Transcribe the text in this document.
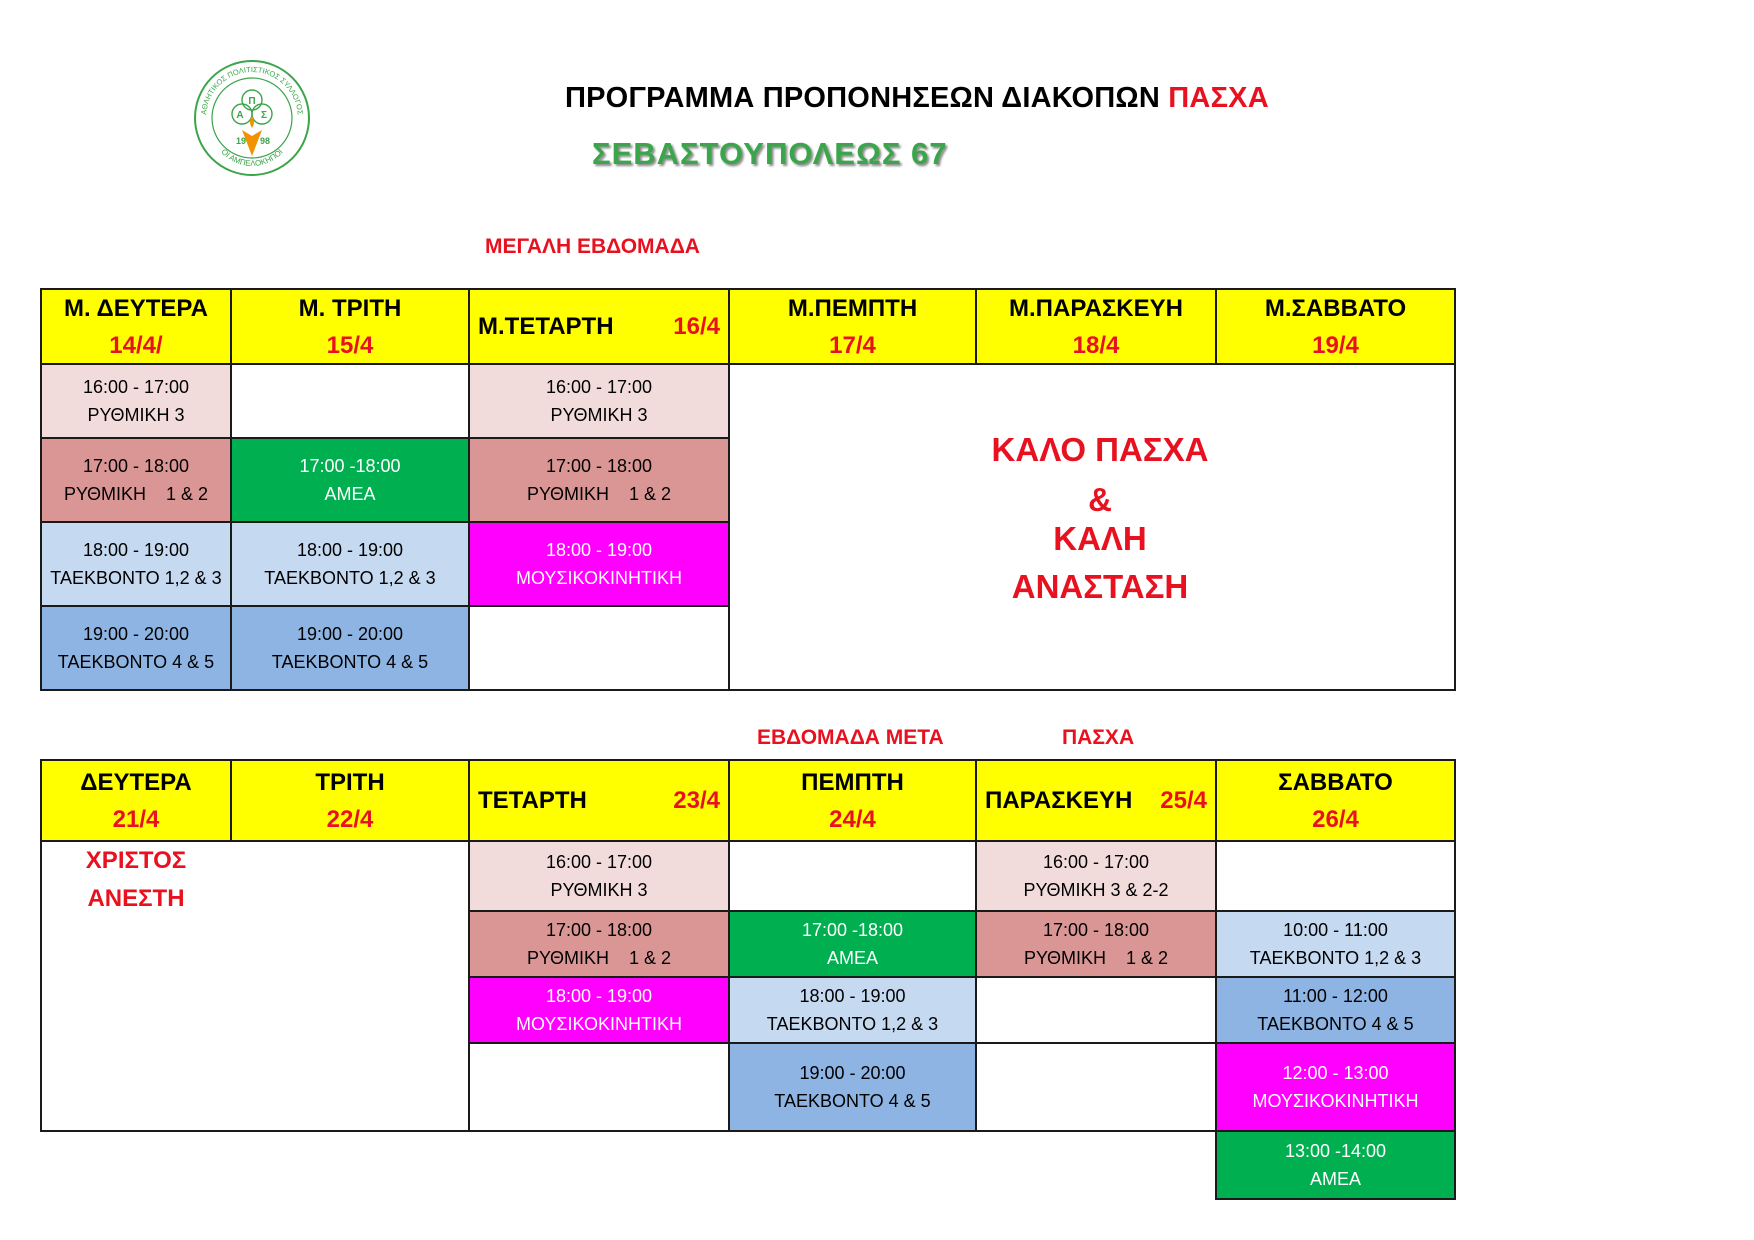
ΑΘΛΗΤΙΚΟΣ ΠΟΛΙΤΙΣΤΙΚΟΣ ΣΥΛΛΟΓΟΣ
ΟΙ ΑΜΠΕΛΟΚΗΠΟΙ
Π
Α Σ
19 98
ΠΡΟΓΡΑΜΜΑ ΠΡΟΠΟΝΗΣΕΩΝ ΔΙΑΚΟΠΩΝ ΠΑΣΧΑ
ΣΕΒΑΣΤΟΥΠΟΛΕΩΣ 67
ΜΕΓΑΛΗ ΕΒΔΟΜΑΔΑ
Μ. ΔΕΥΤΕΡΑ
14/4/
Μ. ΤΡΙΤΗ
15/4
Μ.ΤΕΤΑΡΤΗ 16/4
Μ.ΠΕΜΠΤΗ
17/4
Μ.ΠΑΡΑΣΚΕΥΗ
18/4
Μ.ΣΑΒΒΑΤΟ
19/4
16:00 - 17:00
ΡΥΘΜΙΚΗ 3
17:00 - 18:00
ΡΥΘΜΙΚΗ    1 & 2
18:00 - 19:00
ΤΑΕΚΒΟΝΤΟ 1,2 & 3
19:00 - 20:00
ΤΑΕΚΒΟΝΤΟ 4 & 5
17:00 -18:00
ΑΜΕΑ
18:00 - 19:00
ΤΑΕΚΒΟΝΤΟ 1,2 & 3
19:00 - 20:00
ΤΑΕΚΒΟΝΤΟ 4 & 5
16:00 - 17:00
ΡΥΘΜΙΚΗ 3
17:00 - 18:00
ΡΥΘΜΙΚΗ    1 & 2
18:00 - 19:00
ΜΟΥΣΙΚΟΚΙΝΗΤΙΚΗ
ΚΑΛΟ ΠΑΣΧΑ
&
ΚΑΛΗ
ΑΝΑΣΤΑΣΗ
ΕΒΔΟΜΑΔΑ ΜΕΤΑ	ΠΑΣΧΑ
ΔΕΥΤΕΡΑ
21/4
ΤΡΙΤΗ
22/4
ΤΕΤΑΡΤΗ	23/4
ΠΕΜΠΤΗ
24/4
ΠΑΡΑΣΚΕΥΗ 25/4
ΣΑΒΒΑΤΟ
26/4
ΧΡΙΣΤΟΣ
ΑΝΕΣΤΗ
16:00 - 17:00
ΡΥΘΜΙΚΗ 3
17:00 - 18:00
ΡΥΘΜΙΚΗ    1 & 2
18:00 - 19:00
ΜΟΥΣΙΚΟΚΙΝΗΤΙΚΗ
17:00 -18:00
ΑΜΕΑ
18:00 - 19:00
ΤΑΕΚΒΟΝΤΟ 1,2 & 3
19:00 - 20:00
ΤΑΕΚΒΟΝΤΟ 4 & 5
16:00 - 17:00
ΡΥΘΜΙΚΗ 3 & 2-2
17:00 - 18:00
ΡΥΘΜΙΚΗ    1 & 2
10:00 - 11:00
ΤΑΕΚΒΟΝΤΟ 1,2 & 3
11:00 - 12:00
ΤΑΕΚΒΟΝΤΟ 4 & 5
12:00 - 13:00
ΜΟΥΣΙΚΟΚΙΝΗΤΙΚΗ
13:00 -14:00
ΑΜΕΑ
